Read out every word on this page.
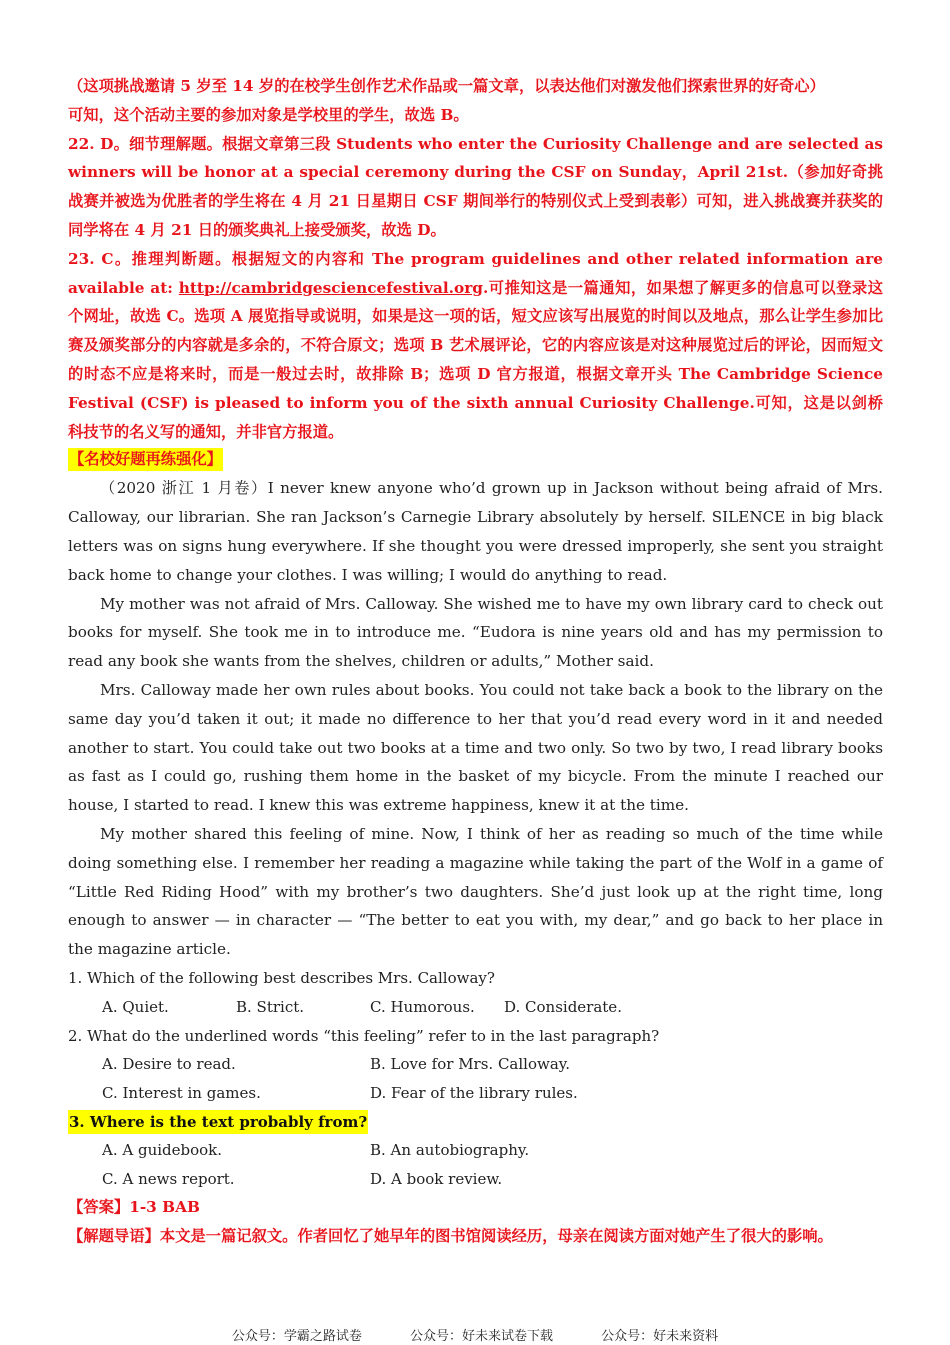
（这项挑战邀请 5 岁至 14 岁的在校学生创作艺术作品或一篇文章，以表达他们对激发他们探索世界的好奇心）
可知，这个活动主要的参加对象是学校里的学生，故选 B。

22. D。细节理解题。根据文章第三段 Students who enter the Curiosity Challenge and are selected as winners will be honor at a special ceremony during the CSF on Sunday，April 21st.（参加好奇挑战赛并被选为优胜者的学生将在 4 月 21 日星期日 CSF 期间举行的特别仪式上受到表彰）可知，进入挑战赛并获奖的同学将在 4 月 21 日的颁奖典礼上接受颁奖，故选 D。

23. C。推理判断题。根据短文的内容和 The program guidelines and other related information are available at: http://cambridgesciencefestival.org.可推知这是一篇通知，如果想了解更多的信息可以登录这个网址，故选 C。选项 A 展览指导或说明，如果是这一项的话，短文应该写出展览的时间以及地点，那么让学生参加比赛及颁奖部分的内容就是多余的，不符合原文；选项 B 艺术展评论，它的内容应该是对这种展览过后的评论，因而短文的时态不应是将来时，而是一般过去时，故排除 B；选项 D 官方报道，根据文章开头 The Cambridge Science Festival (CSF) is pleased to inform you of the sixth annual Curiosity Challenge.可知，这是以剑桥科技节的名义写的通知，并非官方报道。

【名校好题再练强化】

（2020 浙江 1 月卷）I never knew anyone who’d grown up in Jackson without being afraid of Mrs. Calloway, our librarian. She ran Jackson’s Carnegie Library absolutely by herself. SILENCE in big black letters was on signs hung everywhere. If she thought you were dressed improperly, she sent you straight back home to change your clothes. I was willing; I would do anything to read.

My mother was not afraid of Mrs. Calloway. She wished me to have my own library card to check out books for myself. She took me in to introduce me. “Eudora is nine years old and has my permission to read any book she wants from the shelves, children or adults,” Mother said.

Mrs. Calloway made her own rules about books. You could not take back a book to the library on the same day you’d taken it out; it made no difference to her that you’d read every word in it and needed another to start. You could take out two books at a time and two only. So two by two, I read library books as fast as I could go, rushing them home in the basket of my bicycle. From the minute I reached our house, I started to read. I knew this was extreme happiness, knew it at the time.

My mother shared this feeling of mine. Now, I think of her as reading so much of the time while doing something else. I remember her reading a magazine while taking the part of the Wolf in a game of “Little Red Riding Hood” with my brother’s two daughters. She’d just look up at the right time, long enough to answer — in character — “The better to eat you with, my dear,” and go back to her place in the magazine article.

1. Which of the following best describes Mrs. Calloway?

A. Quiet.	B. Strict.	C. Humorous.	D. Considerate.

2. What do the underlined words “this feeling” refer to in the last paragraph?

A. Desire to read.	B. Love for Mrs. Calloway.
C. Interest in games.	D. Fear of the library rules.
3. Where is the text probably from?
A. A guidebook.	B. An autobiography.
C. A news report.	D. A book review.

【答案】1-3 BAB

【解题导语】本文是一篇记叙文。作者回忆了她早年的图书馆阅读经历，母亲在阅读方面对她产生了很大的影响。

公众号：学霸之路试卷	公众号：好未来试卷下载	公众号：好未来资料
